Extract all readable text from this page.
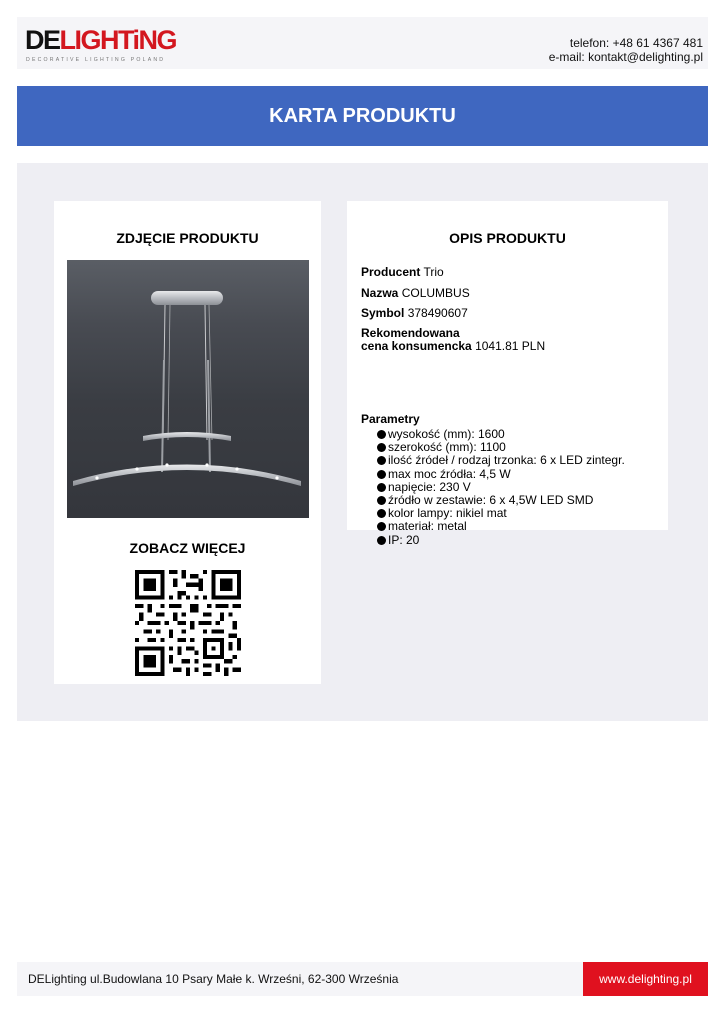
DELIGHTiNG
DECORATIVE LIGHTING POLAND
telefon: +48 61 4367 481
e-mail: kontakt@delighting.pl
KARTA PRODUKTU
ZDJĘCIE PRODUKTU
ZOBACZ WIĘCEJ
OPIS PRODUKTU
Producent Trio
Nazwa COLUMBUS
Symbol 378490607
Rekomendowana
cena konsumencka 1041.81 PLN
Parametry
wysokość (mm): 1600
szerokość (mm): 1100
ilość źródeł / rodzaj trzonka: 6 x LED zintegr.
max moc źródła: 4,5 W
napięcie: 230 V
źródło w zestawie: 6 x 4,5W LED SMD
kolor lampy: nikiel mat
materiał: metal
IP: 20
DELighting ul.Budowlana 10 Psary Małe k. Wrześni, 62-300 Września	www.delighting.pl
